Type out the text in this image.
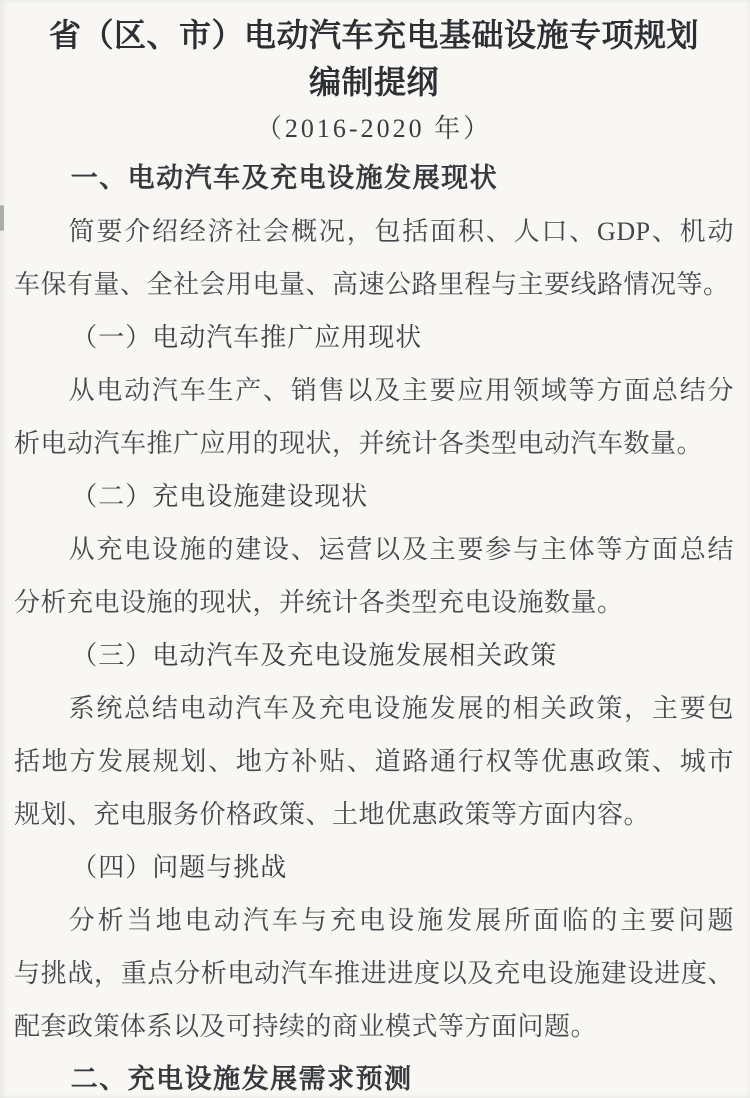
省（区、市）电动汽车充电基础设施专项规划
编制提纲
（2016-2020 年）
一、电动汽车及充电设施发展现状
简要介绍经济社会概况，包括面积、人口、GDP、机动
车保有量、全社会用电量、高速公路里程与主要线路情况等。
（一）电动汽车推广应用现状
从电动汽车生产、销售以及主要应用领域等方面总结分
析电动汽车推广应用的现状，并统计各类型电动汽车数量。
（二）充电设施建设现状
从充电设施的建设、运营以及主要参与主体等方面总结
分析充电设施的现状，并统计各类型充电设施数量。
（三）电动汽车及充电设施发展相关政策
系统总结电动汽车及充电设施发展的相关政策，主要包
括地方发展规划、地方补贴、道路通行权等优惠政策、城市
规划、充电服务价格政策、土地优惠政策等方面内容。
（四）问题与挑战
分析当地电动汽车与充电设施发展所面临的主要问题
与挑战，重点分析电动汽车推进进度以及充电设施建设进度、
配套政策体系以及可持续的商业模式等方面问题。
二、充电设施发展需求预测
